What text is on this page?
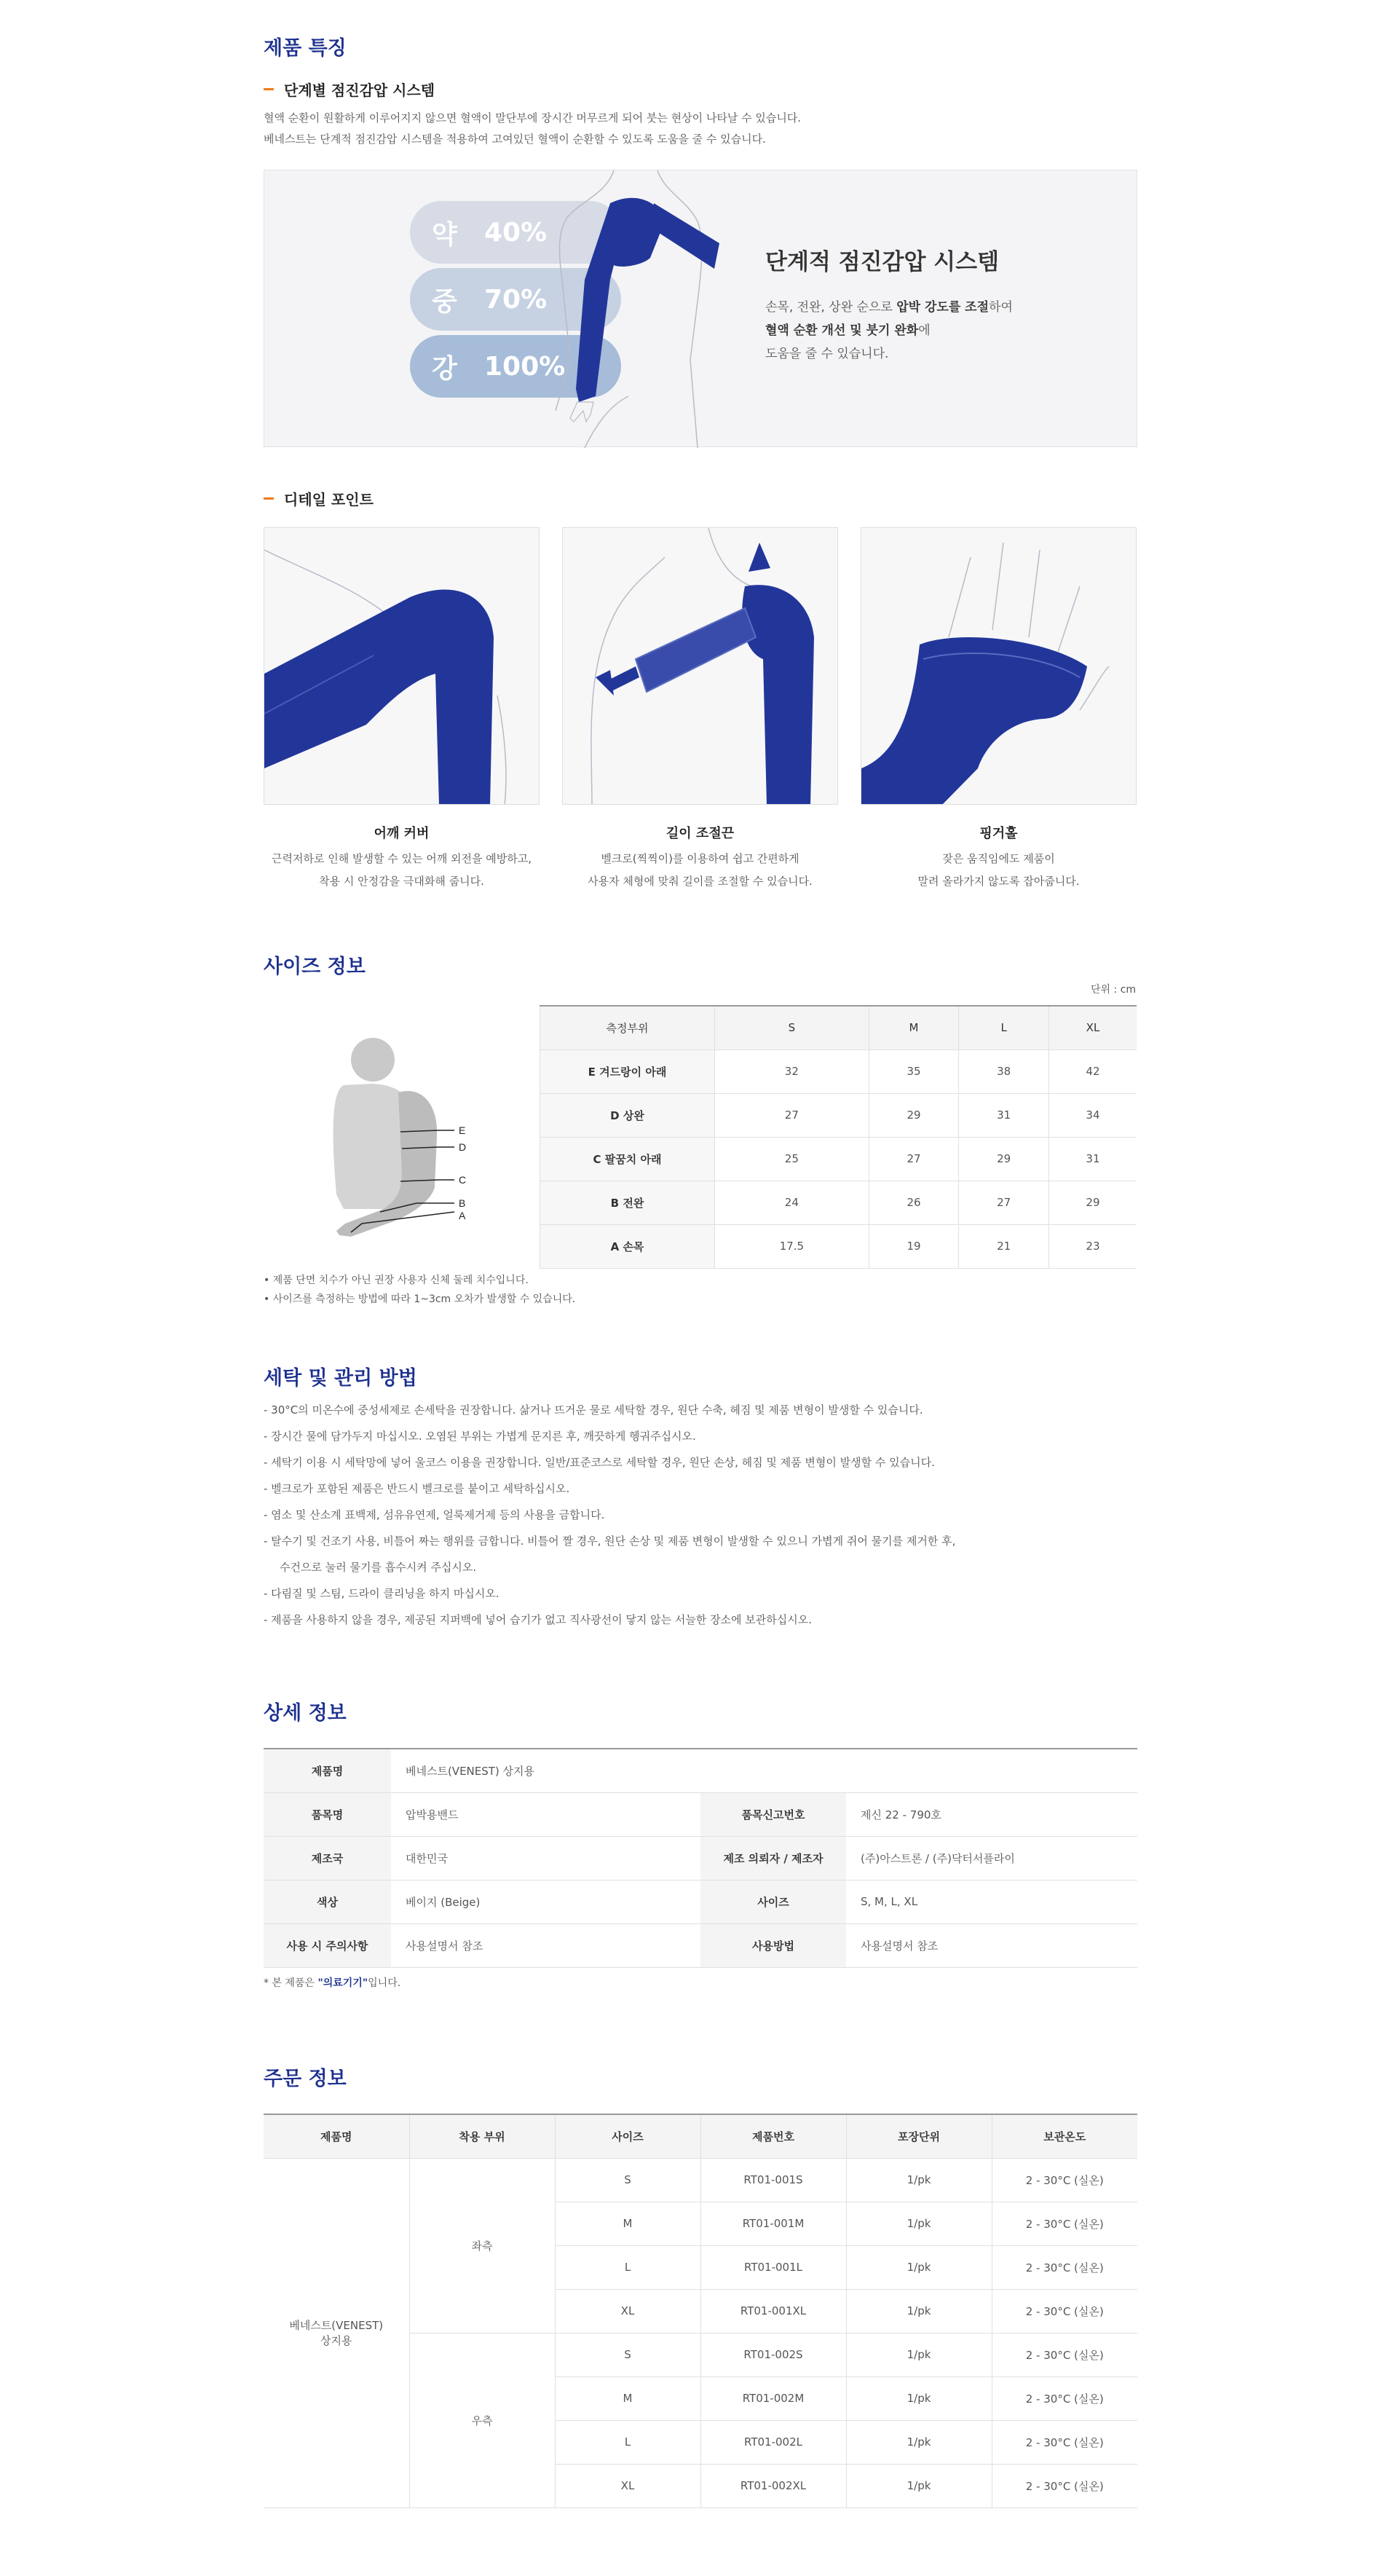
제품 특징
단계별 점진감압 시스템
혈액 순환이 원활하게 이루어지지 않으면 혈액이 말단부에 장시간 머무르게 되어 붓는 현상이 나타날 수 있습니다.
베네스트는 단계적 점진감압 시스템을 적용하여 고여있던 혈액이 순환할 수 있도록 도움을 줄 수 있습니다.
약	40%
중	70%
강	100%
단계적 점진감압 시스템
손목, 전완, 상완 순으로 압박 강도를 조절하여
혈액 순환 개선 및 붓기 완화에
도움을 줄 수 있습니다.
디테일 포인트
어깨 커버
근력저하로 인해 발생할 수 있는 어깨 외전을 예방하고,
착용 시 안정감을 극대화해 줍니다.
길이 조절끈
벨크로(찍찍이)를 이용하여 쉽고 간편하게
사용자 체형에 맞춰 길이를 조절할 수 있습니다.
핑거홀
잦은 움직임에도 제품이
말려 올라가지 않도록 잡아줍니다.
사이즈 정보
단위 : cm
E
D
C
B
A
측정부위	S	M	L	XL
E 겨드랑이 아래	32	35	38	42
D 상완	27	29	31	34
C 팔꿈치 아래	25	27	29	31
B 전완	24	26	27	29
A 손목	17.5	19	21	23
• 제품 단면 치수가 아닌 권장 사용자 신체 둘레 치수입니다.
• 사이즈를 측정하는 방법에 따라 1~3cm 오차가 발생할 수 있습니다.
세탁 및 관리 방법
- 30°C의 미온수에 중성세제로 손세탁을 권장합니다. 삶거나 뜨거운 물로 세탁할 경우, 원단 수축, 헤짐 및 제품 변형이 발생할 수 있습니다.
- 장시간 물에 담가두지 마십시오. 오염된 부위는 가볍게 문지른 후, 깨끗하게 헹궈주십시오.
- 세탁기 이용 시 세탁망에 넣어 울코스 이용을 권장합니다. 일반/표준코스로 세탁할 경우, 원단 손상, 헤짐 및 제품 변형이 발생할 수 있습니다.
- 벨크로가 포함된 제품은 반드시 벨크로를 붙이고 세탁하십시오.
- 염소 및 산소계 표백제, 섬유유연제, 얼룩제거제 등의 사용을 금합니다.
- 탈수기 및 건조기 사용, 비틀어 짜는 행위를 금합니다. 비틀어 짤 경우, 원단 손상 및 제품 변형이 발생할 수 있으니 가볍게 쥐어 물기를 제거한 후,
수건으로 눌러 물기를 흡수시켜 주십시오.
- 다림질 및 스팀, 드라이 클리닝을 하지 마십시오.
- 제품을 사용하지 않을 경우, 제공된 지퍼백에 넣어 습기가 없고 직사광선이 닿지 않는 서늘한 장소에 보관하십시오.
상세 정보
제품명	베네스트(VENEST) 상지용		
품목명	압박용밴드	품목신고번호	제신 22 - 790호
제조국	대한민국	제조 의뢰자 / 제조자	(주)아스트론 / (주)닥터서플라이
색상	베이지 (Beige)	사이즈	S, M, L, XL
사용 시 주의사항	사용설명서 참조	사용방법	사용설명서 참조
* 본 제품은 "의료기기"입니다.
주문 정보
제품명	착용 부위	사이즈	제품번호	포장단위	보관온도

베네스트(VENEST)
상지용	좌측	S	RT01-001S	1/pk	2 - 30°C (실온)
		M	RT01-001M	1/pk	2 - 30°C (실온)
		L	RT01-001L	1/pk	2 - 30°C (실온)
		XL	RT01-001XL	1/pk	2 - 30°C (실온)
	우측	S	RT01-002S	1/pk	2 - 30°C (실온)
		M	RT01-002M	1/pk	2 - 30°C (실온)
		L	RT01-002L	1/pk	2 - 30°C (실온)
		XL	RT01-002XL	1/pk	2 - 30°C (실온)
